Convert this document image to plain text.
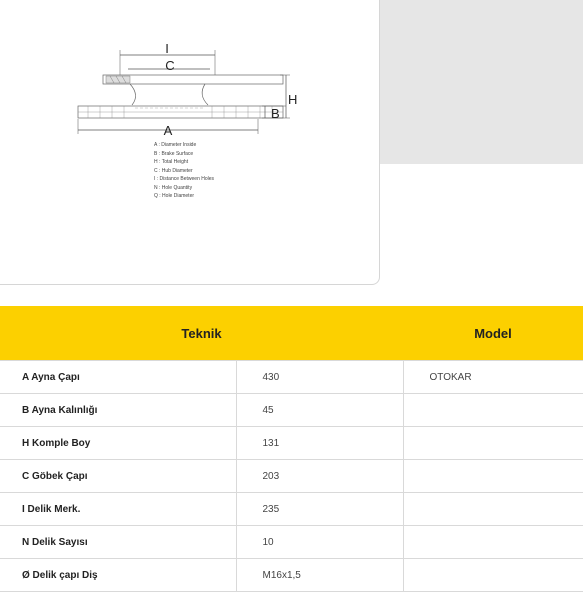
I
C
H
B
A
A : Diameter Inside
B : Brake Surface
H : Total Height
C : Hub Diameter
I : Distance Between Holes
N : Hole Quantity
Q : Hole Diameter
Teknik		Model
A Ayna Çapı	430	OTOKAR
B Ayna Kalınlığı	45	
H Komple Boy	131	
C Göbek Çapı	203	
I Delik Merk.	235	
N Delik Sayısı	10	
Ø Delik çapı Diş	M16x1,5	
